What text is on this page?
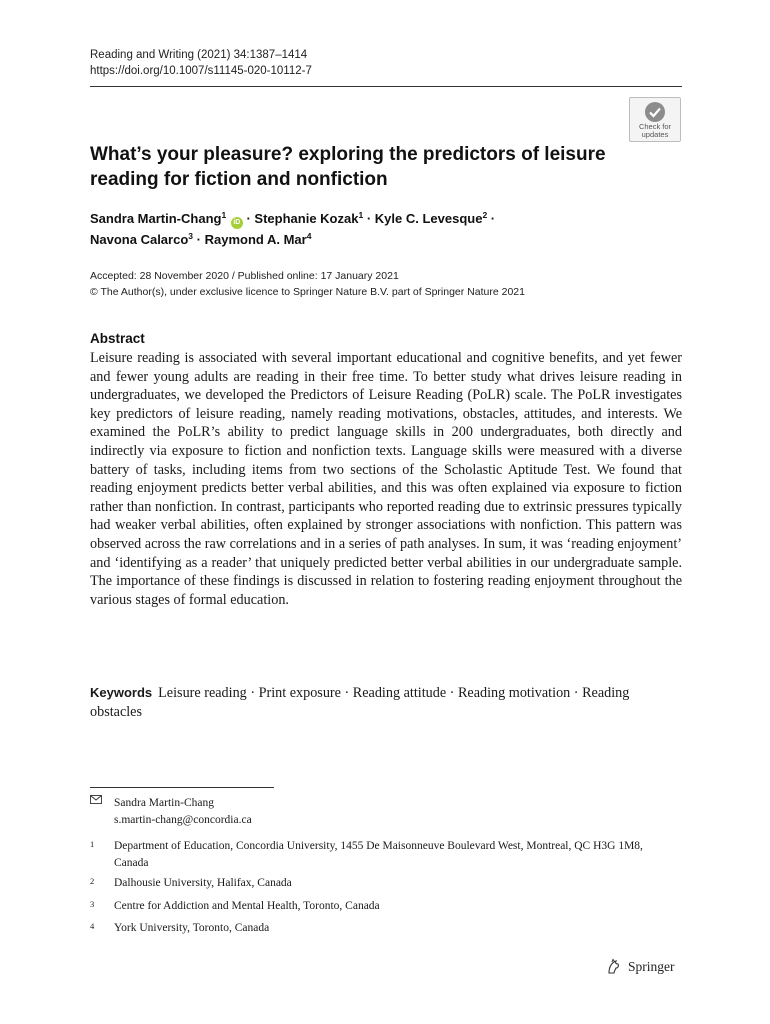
Reading and Writing (2021) 34:1387–1414
https://doi.org/10.1007/s11145-020-10112-7
Check for
updates
What’s your pleasure? exploring the predictors of leisure reading for fiction and nonfiction
Sandra Martin‑Chang$^1$ iD · Stephanie Kozak$^1$ · Kyle C. Levesque$^2$ ·
Navona Calarco$^3$ · Raymond A. Mar$^4$
Accepted: 28 November 2020 / Published online: 17 January 2021
© The Author(s), under exclusive licence to Springer Nature B.V. part of Springer Nature 2021
Abstract

Leisure reading is associated with several important educational and cognitive benefits, and yet fewer and fewer young adults are reading in their free time. To better study what drives leisure reading in undergraduates, we developed the Predictors of Leisure Reading (PoLR) scale. The PoLR investigates key predictors of leisure reading, namely reading motivations, obstacles, attitudes, and interests. We examined the PoLR’s ability to predict language skills in 200 undergraduates, both directly and indirectly via exposure to fiction and nonfiction texts. Language skills were measured with a diverse battery of tasks, including items from two sections of the Scholastic Aptitude Test. We found that reading enjoyment predicts better verbal abilities, and this was often explained via exposure to fiction rather than nonfiction. In contrast, participants who reported reading due to extrinsic pressures typically had weaker verbal abilities, often explained by stronger associations with nonfiction. This pattern was observed across the raw correlations and in a series of path analyses. In sum, it was ‘reading enjoyment’ and ‘identifying as a reader’ that uniquely predicted better verbal abilities in our undergraduate sample. The importance of these findings is discussed in relation to fostering reading enjoyment throughout the various stages of formal education.

Keywords Leisure reading · Print exposure · Reading attitude · Reading motivation · Reading obstacles
Sandra Martin‑Chang
s.martin-chang@concordia.ca
1 Department of Education, Concordia University, 1455 De Maisonneuve Boulevard West, Montreal, QC H3G 1M8, Canada
2 Dalhousie University, Halifax, Canada
3 Centre for Addiction and Mental Health, Toronto, Canada
4 York University, Toronto, Canada
Springer
